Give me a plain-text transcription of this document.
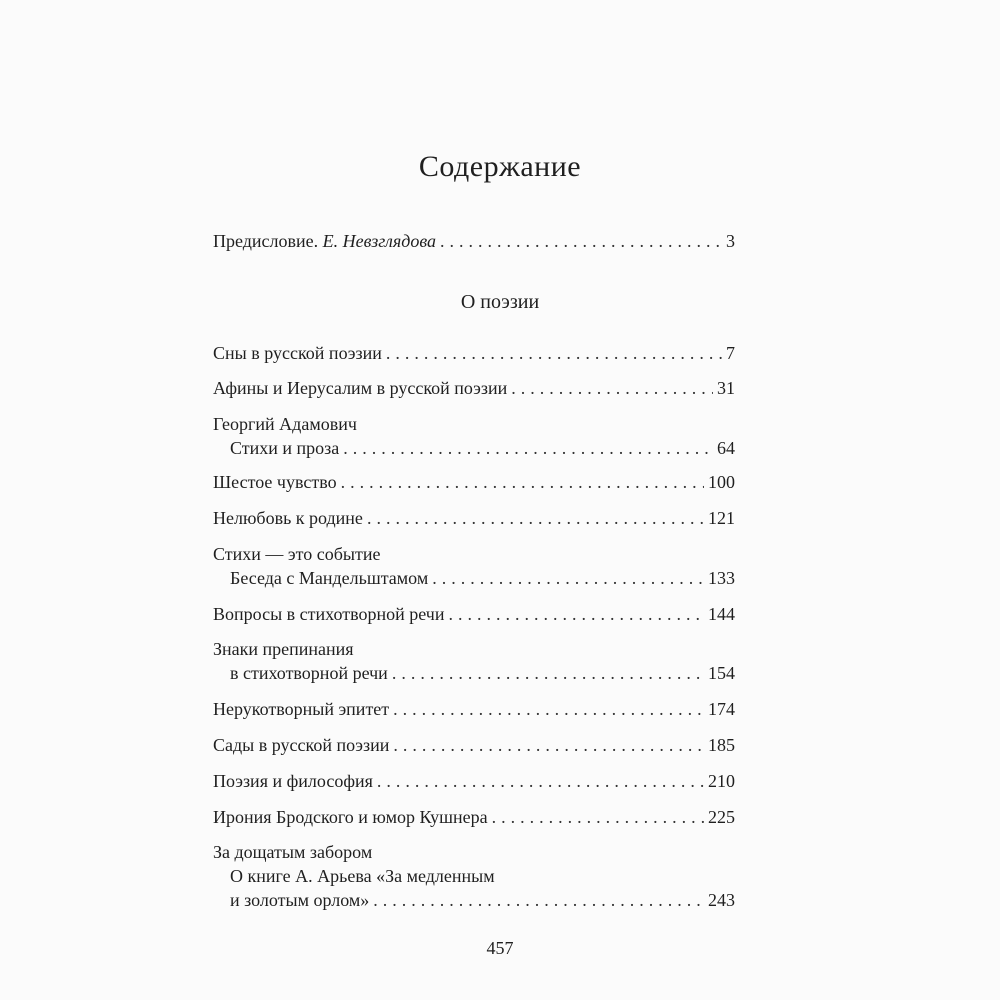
Содержание
Предисловие. Е. Невзглядова .....	3
О поэзии
Сны в русской поэзии .....	7
Афины и Иерусалим в русской поэзии .....	31
Георгий Адамович
Стихи и проза .....	64
Шестое чувство .....	100
Нелюбовь к родине .....	121
Стихи — это событие
Беседа с Мандельштамом .....	133
Вопросы в стихотворной речи .....	144
Знаки препинания
в стихотворной речи .....	154
Нерукотворный эпитет .....	174
Сады в русской поэзии .....	185
Поэзия и философия .....	210
Ирония Бродского и юмор Кушнера .....	225
За дощатым забором
О книге А. Арьева «За медленным
и золотым орлом» .....	243
457
